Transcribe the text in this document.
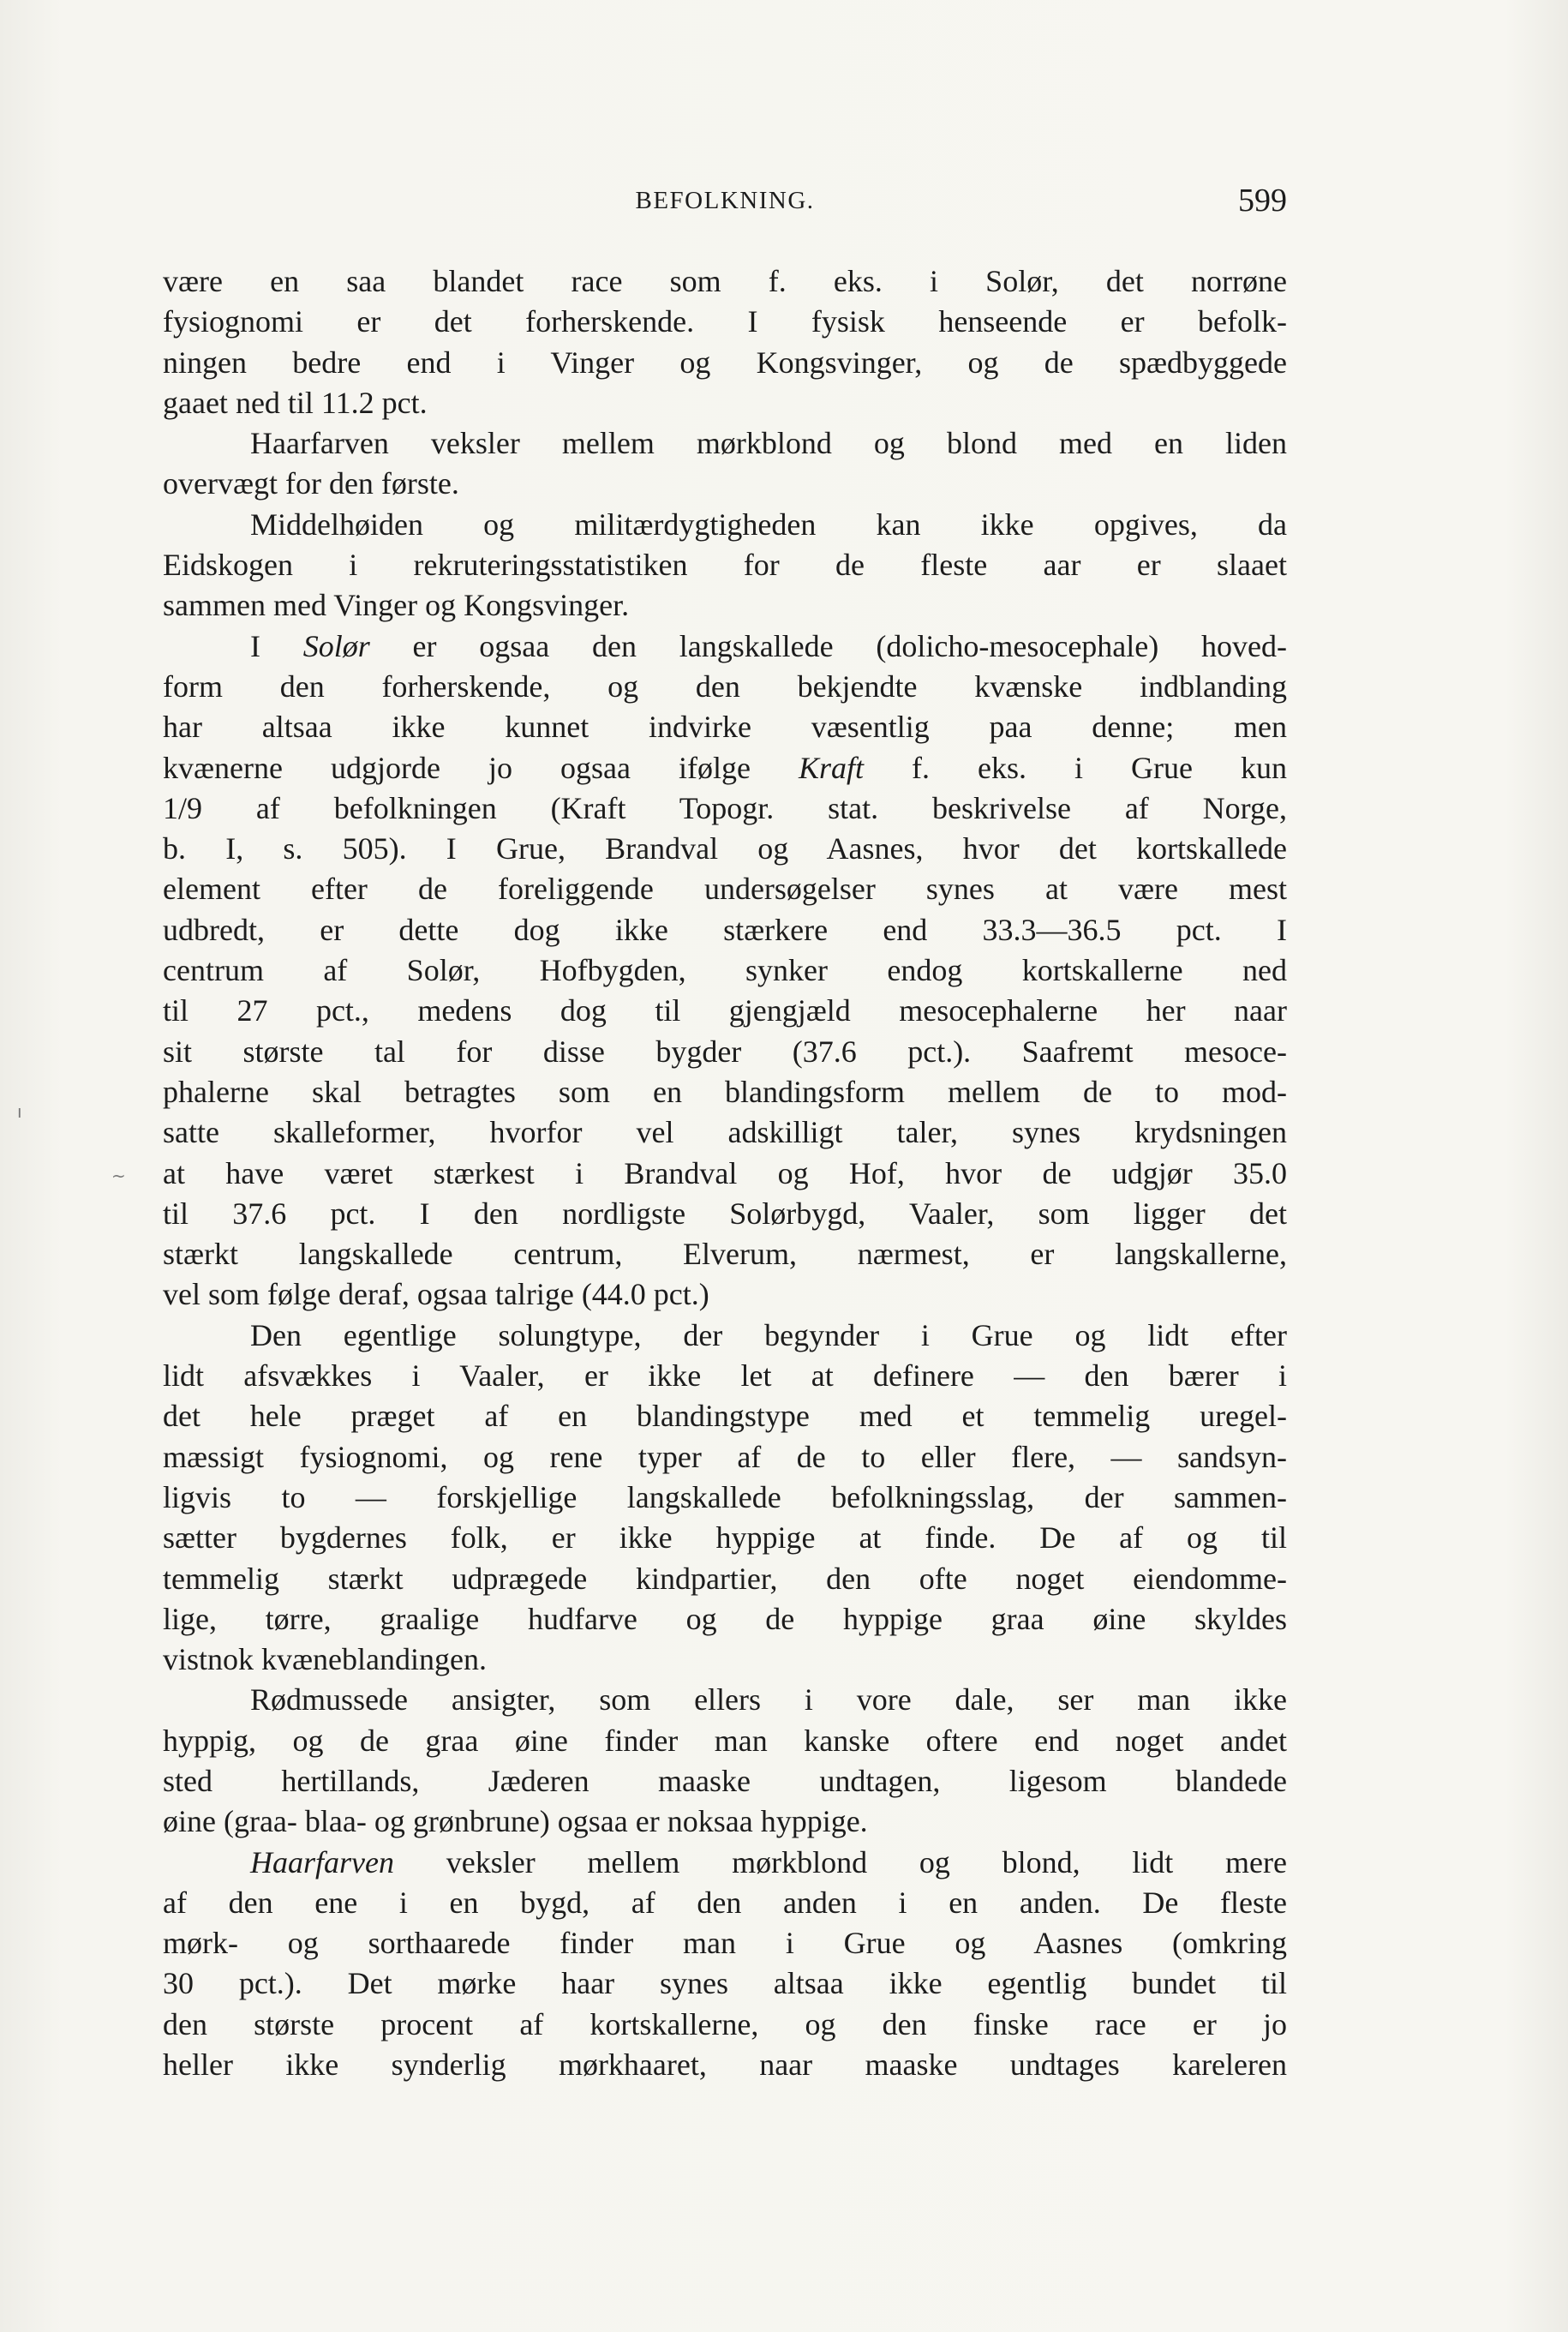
BEFOLKNING.	599
være en saa blandet race som f. eks. i Solør, det norrøne
fysiognomi er det forherskende. I fysisk henseende er befolk-
ningen bedre end i Vinger og Kongsvinger, og de spædbyggede
gaaet ned til 11.2 pct.
Haarfarven veksler mellem mørkblond og blond med en liden
overvægt for den første.
Middelhøiden og militærdygtigheden kan ikke opgives, da
Eidskogen i rekruteringsstatistiken for de fleste aar er slaaet
sammen med Vinger og Kongsvinger.
I Solør er ogsaa den langskallede (dolicho-mesocephale) hoved-
form den forherskende, og den bekjendte kvænske indblanding
har altsaa ikke kunnet indvirke væsentlig paa denne; men
kvænerne udgjorde jo ogsaa ifølge Kraft f. eks. i Grue kun
1/9 af befolkningen (Kraft Topogr. stat. beskrivelse af Norge,
b. I, s. 505). I Grue, Brandval og Aasnes, hvor det kortskallede
element efter de foreliggende undersøgelser synes at være mest
udbredt, er dette dog ikke stærkere end 33.3—36.5 pct. I
centrum af Solør, Hofbygden, synker endog kortskallerne ned
til 27 pct., medens dog til gjengjæld mesocephalerne her naar
sit største tal for disse bygder (37.6 pct.). Saafremt mesoce-
phalerne skal betragtes som en blandingsform mellem de to mod-
satte skalleformer, hvorfor vel adskilligt taler, synes krydsningen
at have været stærkest i Brandval og Hof, hvor de udgjør 35.0
til 37.6 pct. I den nordligste Solørbygd, Vaaler, som ligger det
stærkt langskallede centrum, Elverum, nærmest, er langskallerne,
vel som følge deraf, ogsaa talrige (44.0 pct.)
Den egentlige solungtype, der begynder i Grue og lidt efter
lidt afsvækkes i Vaaler, er ikke let at definere — den bærer i
det hele præget af en blandingstype med et temmelig uregel-
mæssigt fysiognomi, og rene typer af de to eller flere, — sandsyn-
ligvis to — forskjellige langskallede befolkningsslag, der sammen-
sætter bygdernes folk, er ikke hyppige at finde. De af og til
temmelig stærkt udprægede kindpartier, den ofte noget eiendomme-
lige, tørre, graalige hudfarve og de hyppige graa øine skyldes
vistnok kvæneblandingen.
Rødmussede ansigter, som ellers i vore dale, ser man ikke
hyppig, og de graa øine finder man kanske oftere end noget andet
sted hertillands, Jæderen maaske undtagen, ligesom blandede
øine (graa- blaa- og grønbrune) ogsaa er noksaa hyppige.
Haarfarven veksler mellem mørkblond og blond, lidt mere
af den ene i en bygd, af den anden i en anden. De fleste
mørk- og sorthaarede finder man i Grue og Aasnes (omkring
30 pct.). Det mørke haar synes altsaa ikke egentlig bundet til
den største procent af kortskallerne, og den finske race er jo
heller ikke synderlig mørkhaaret, naar maaske undtages kareleren
ı
~
